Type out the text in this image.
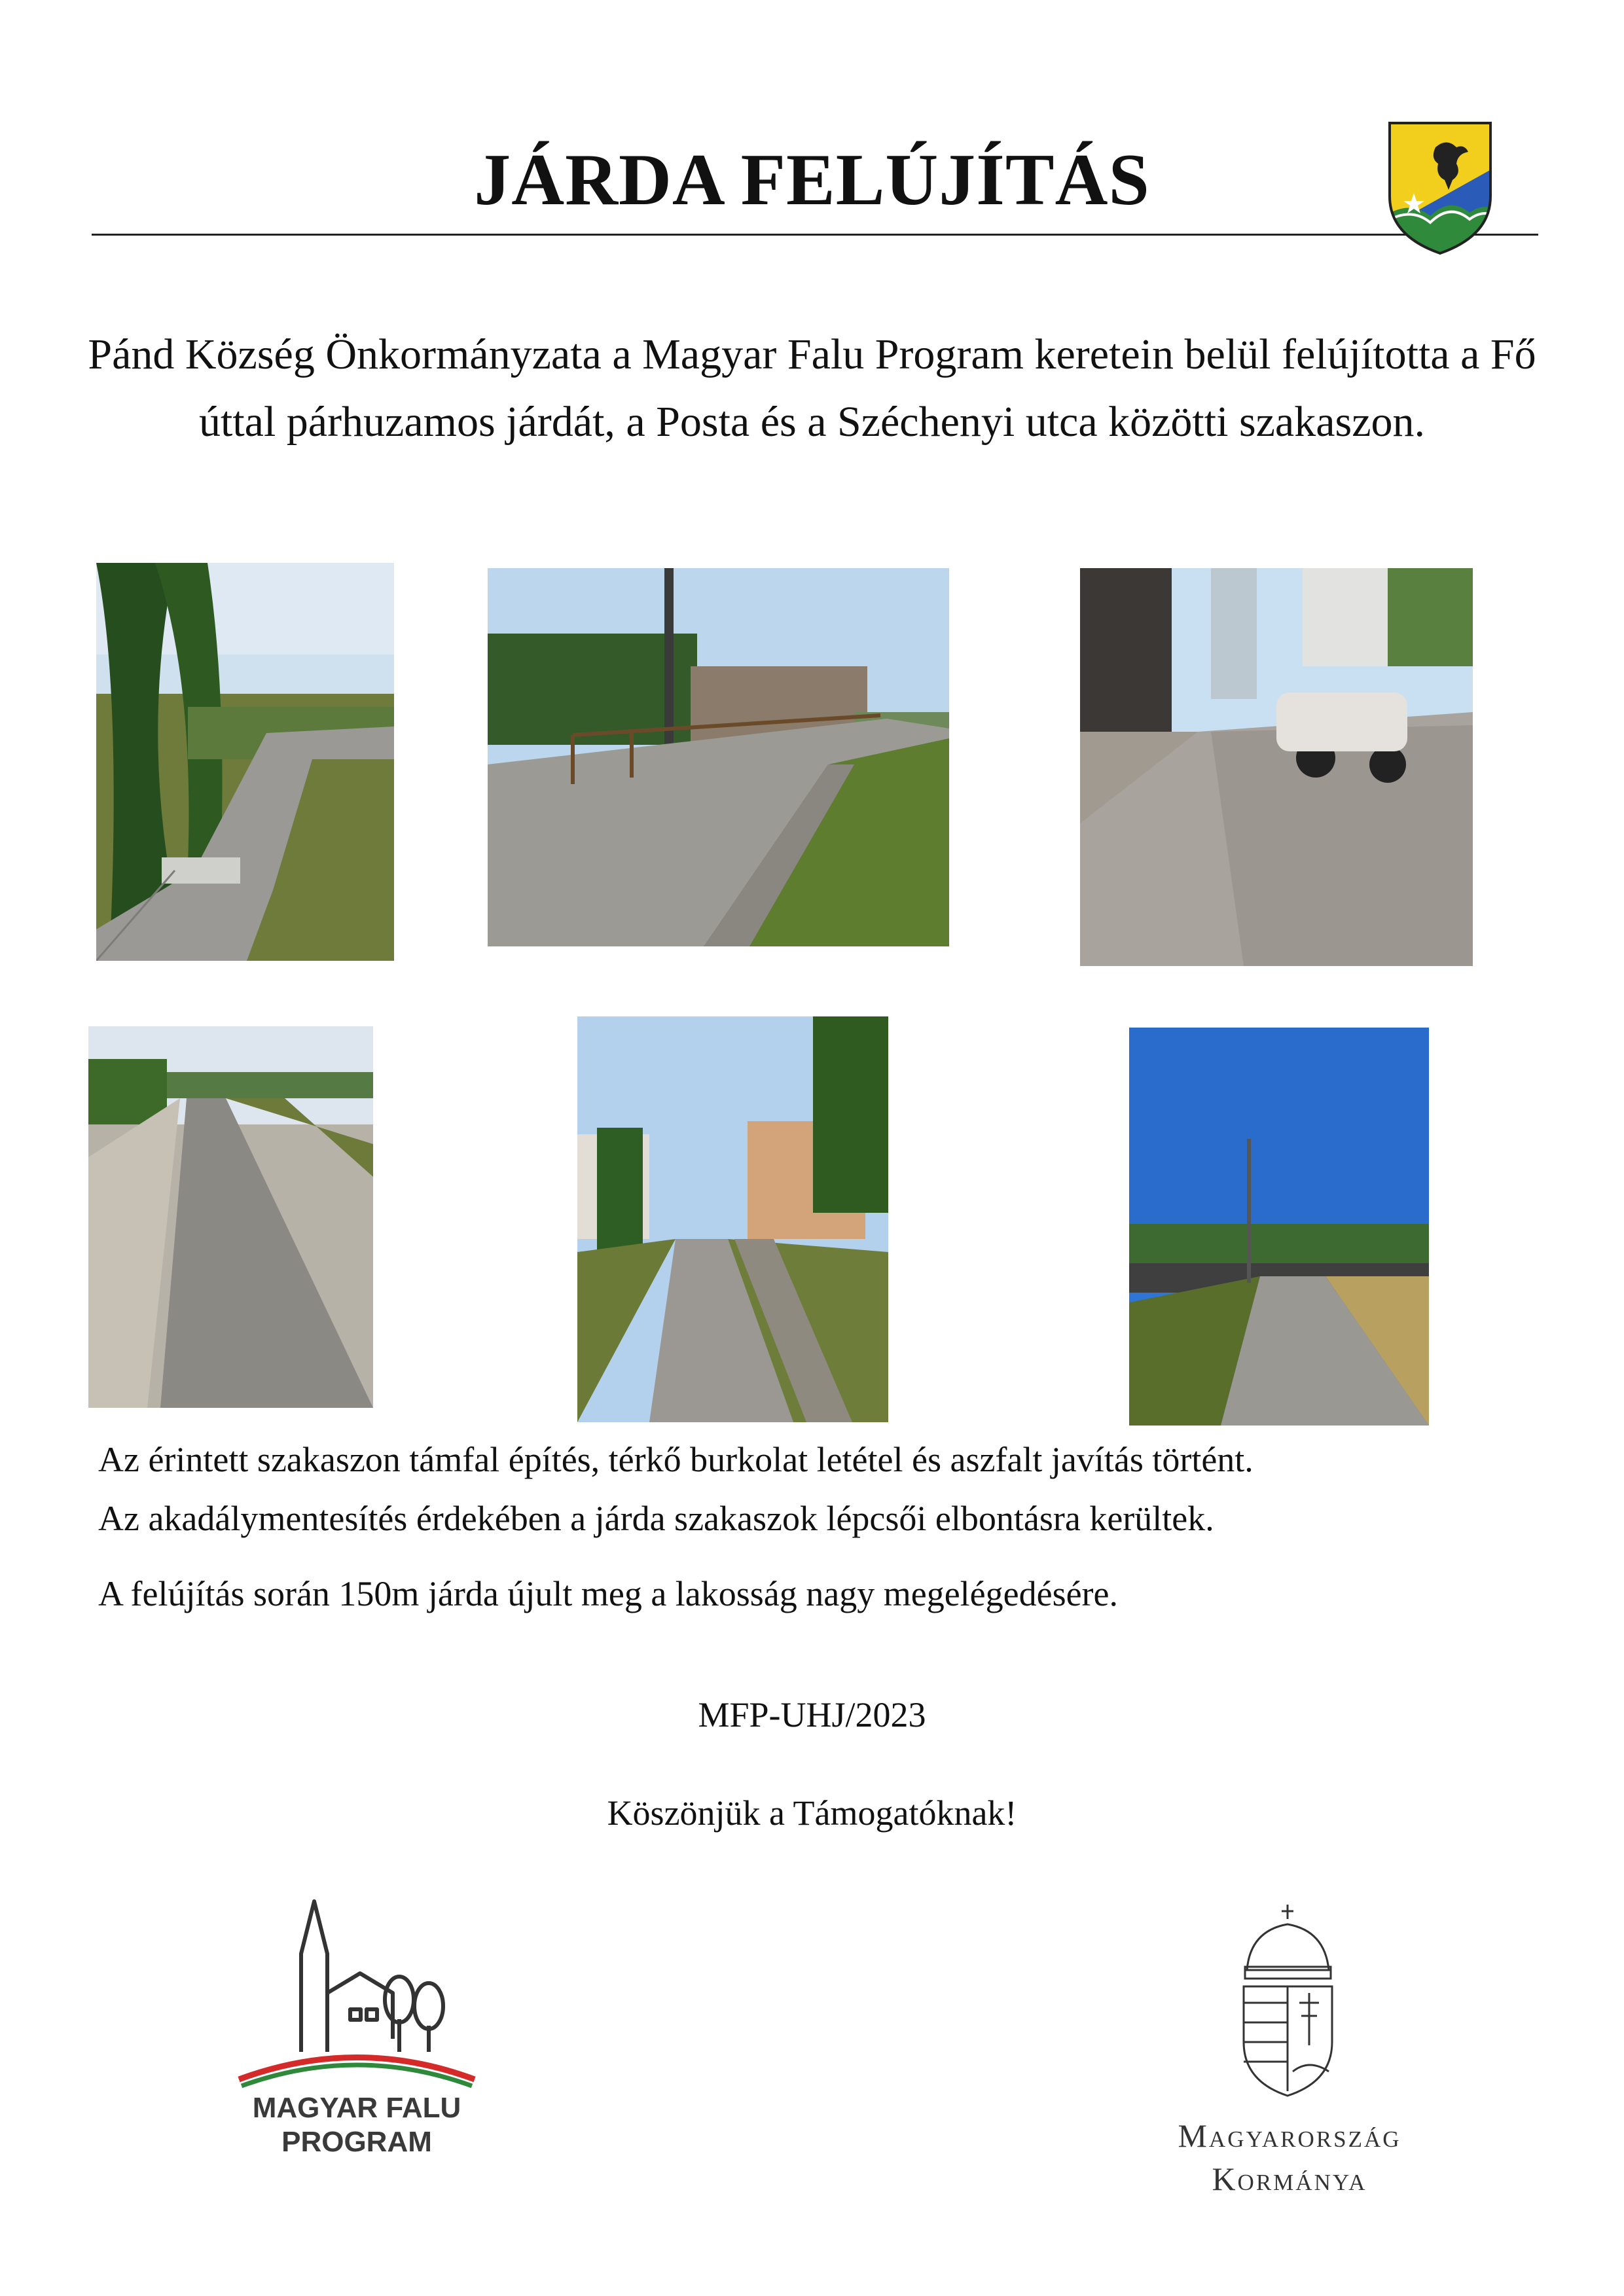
JÁRDA FELÚJÍTÁS
Pánd Község Önkormányzata a Magyar Falu Program keretein belül felújította a Fő úttal párhuzamos járdát, a Posta és a Széchenyi utca közötti szakaszon.
Az érintett szakaszon támfal építés, térkő burkolat letétel és aszfalt javítás történt.
Az akadálymentesítés érdekében a járda szakaszok lépcsői elbontásra kerültek.
A felújítás során 150m járda újult meg a lakosság nagy megelégedésére.
MFP-UHJ/2023
Köszönjük a Támogatóknak!
MAGYAR FALU
PROGRAM	Magyarország
Kormánya
